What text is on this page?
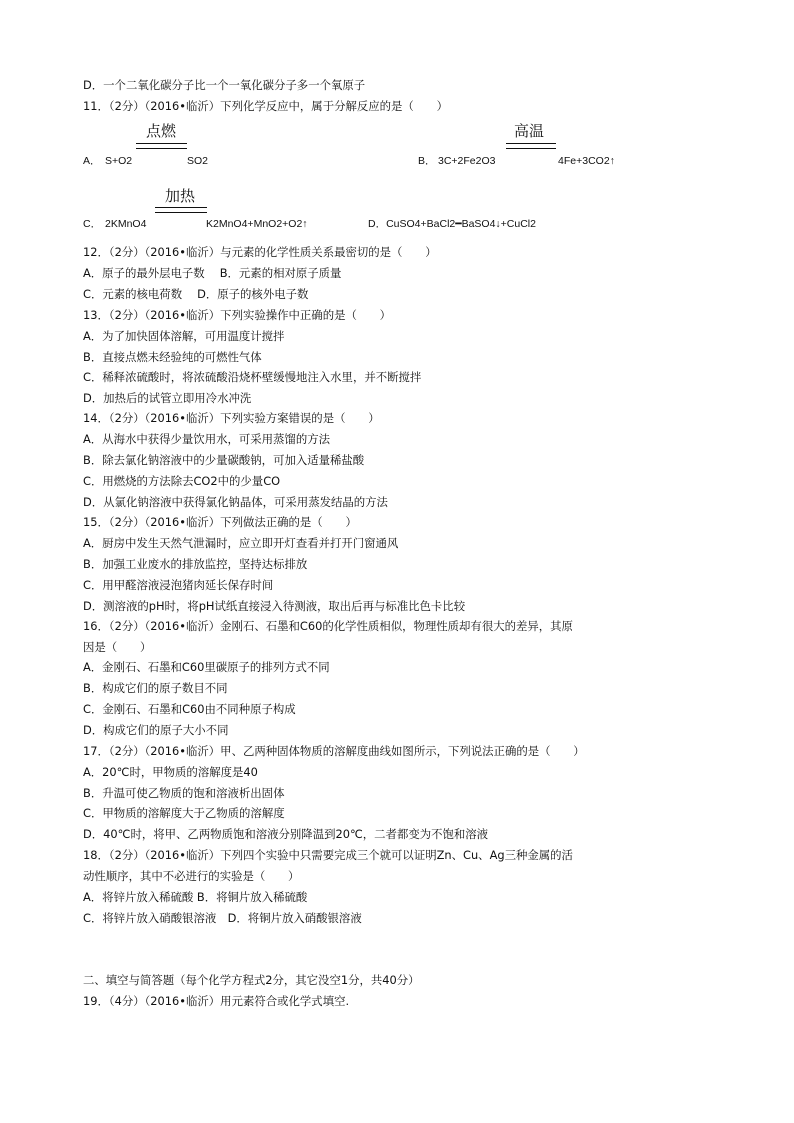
D．一个二氧化碳分子比一个一氧化碳分子多一个氧原子
11．（2分）（2016•临沂）下列化学反应中，属于分解反应的是（　　）
点燃
A． S+O2	SO2
高温
B． 3C+2Fe2O3	4Fe+3CO2↑
加热
C． 2KMnO4	K2MnO4+MnO2+O2↑	D．CuSO4+BaCl2━BaSO4↓+CuCl2
12．（2分）（2016•临沂）与元素的化学性质关系最密切的是（　　）
A．原子的最外层电子数　 B．元素的相对原子质量
C．元素的核电荷数　 D．原子的核外电子数
13．（2分）（2016•临沂）下列实验操作中正确的是（　　）
A．为了加快固体溶解，可用温度计搅拌
B．直接点燃未经验纯的可燃性气体
C．稀释浓硫酸时，将浓硫酸沿烧杯壁缓慢地注入水里，并不断搅拌
D．加热后的试管立即用冷水冲洗
14．（2分）（2016•临沂）下列实验方案错误的是（　　）
A．从海水中获得少量饮用水，可采用蒸馏的方法
B．除去氯化钠溶液中的少量碳酸钠，可加入适量稀盐酸
C．用燃烧的方法除去CO2中的少量CO
D．从氯化钠溶液中获得氯化钠晶体，可采用蒸发结晶的方法
15．（2分）（2016•临沂）下列做法正确的是（　　）
A．厨房中发生天然气泄漏时，应立即开灯查看并打开门窗通风
B．加强工业废水的排放监控，坚持达标排放
C．用甲醛溶液浸泡猪肉延长保存时间
D．测溶液的pH时，将pH试纸直接浸入待测液，取出后再与标准比色卡比较
16．（2分）（2016•临沂）金刚石、石墨和C60的化学性质相似，物理性质却有很大的差异，其原
因是（　　）
A．金刚石、石墨和C60里碳原子的排列方式不同
B．构成它们的原子数目不同
C．金刚石、石墨和C60由不同种原子构成
D．构成它们的原子大小不同
17．（2分）（2016•临沂）甲、乙两种固体物质的溶解度曲线如图所示，下列说法正确的是（　　）
A．20℃时，甲物质的溶解度是40
B．升温可使乙物质的饱和溶液析出固体
C．甲物质的溶解度大于乙物质的溶解度
D．40℃时，将甲、乙两物质饱和溶液分别降温到20℃，二者都变为不饱和溶液
18．（2分）（2016•临沂）下列四个实验中只需要完成三个就可以证明Zn、Cu、Ag三种金属的活
动性顺序，其中不必进行的实验是（　　）
A．将锌片放入稀硫酸 B．将铜片放入稀硫酸
C．将锌片放入硝酸银溶液　D．将铜片放入硝酸银溶液
二、填空与简答题（每个化学方程式2分，其它没空1分，共40分）
19．（4分）（2016•临沂）用元素符合或化学式填空.
